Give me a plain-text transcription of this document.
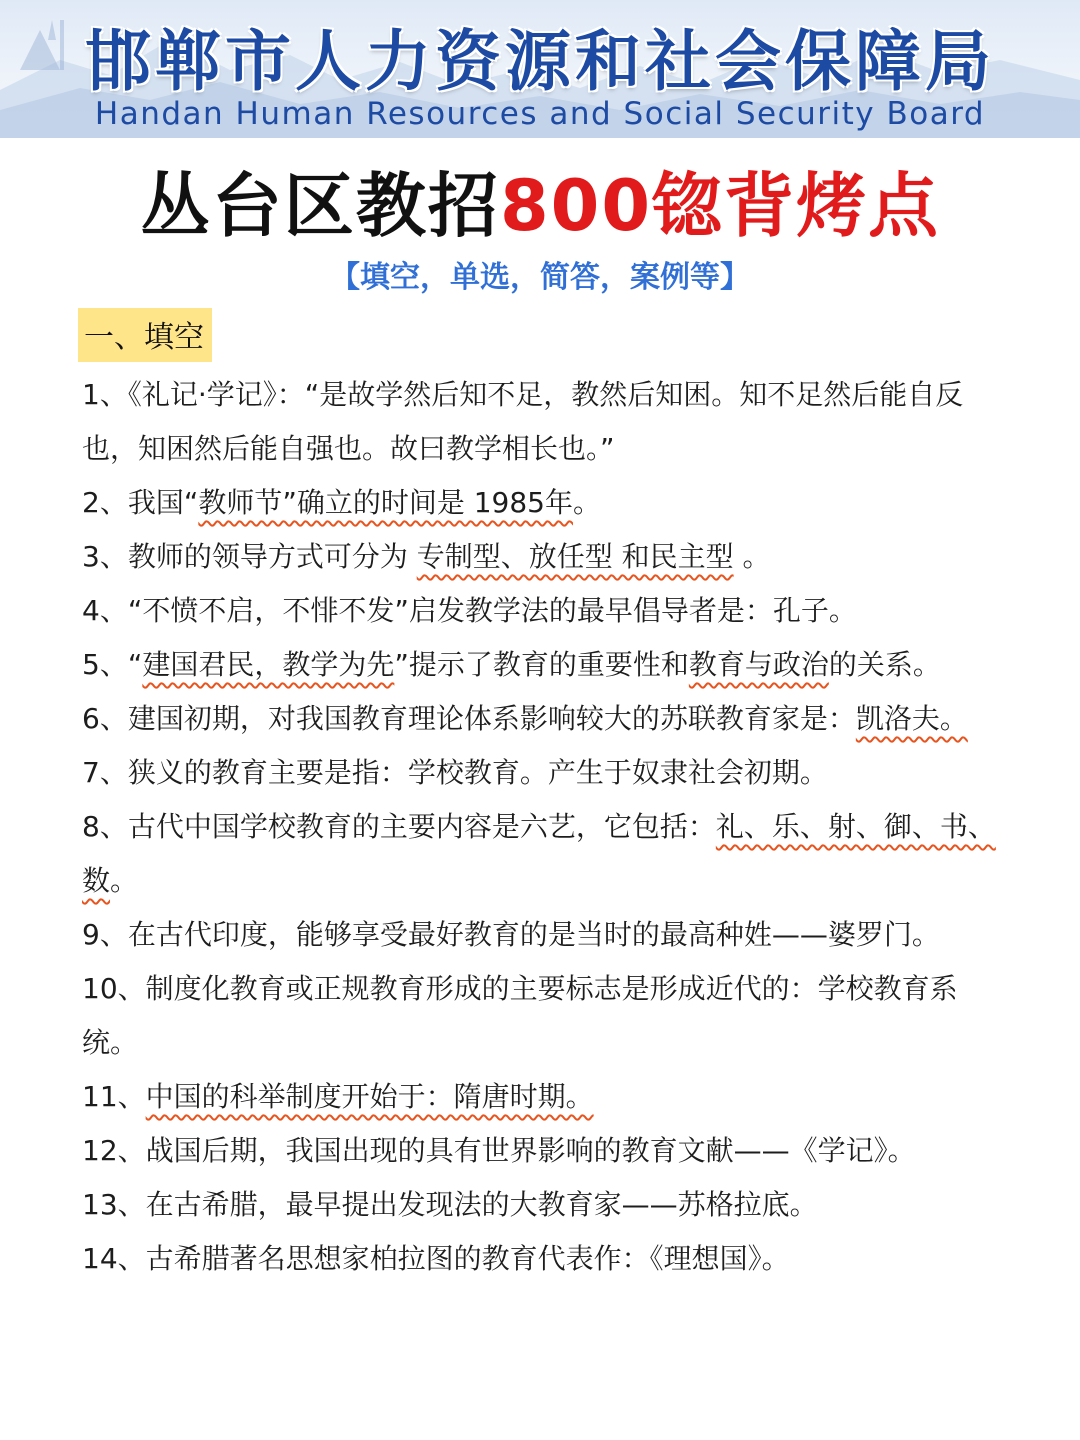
邯郸市人力资源和社会保障局
Handan Human Resources and Social Security Board
丛台区教招800锪背烤点
【填空，单选，简答，案例等】
一、填空

1、《礼记·学记》：“是故学然后知不足，教然后知困。知不足然后能自反也，知困然后能自强也。故曰教学相长也。”

2、我国“教师节”确立的时间是 1985年。

3、教师的领导方式可分为 专制型、放任型 和民主型 。

4、“不愤不启，不悱不发”启发教学法的最早倡导者是：孔子。

5、“建国君民，教学为先”提示了教育的重要性和教育与政治的关系。

6、建国初期，对我国教育理论体系影响较大的苏联教育家是：凯洛夫。

7、狭义的教育主要是指：学校教育。产生于奴隶社会初期。

8、古代中国学校教育的主要内容是六艺，它包括：礼、乐、射、御、书、数。

9、在古代印度，能够享受最好教育的是当时的最高种姓——婆罗门。

10、制度化教育或正规教育形成的主要标志是形成近代的：学校教育系统。

11、中国的科举制度开始于：隋唐时期。

12、战国后期，我国出现的具有世界影响的教育文献——《学记》。

13、在古希腊，最早提出发现法的大教育家——苏格拉底。

14、古希腊著名思想家柏拉图的教育代表作：《理想国》。
